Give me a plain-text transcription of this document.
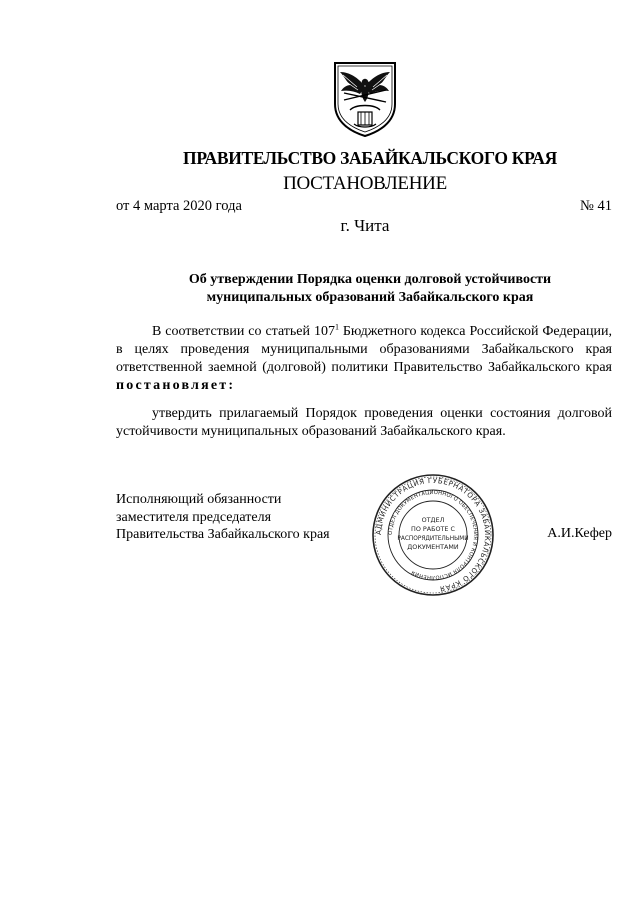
ПРАВИТЕЛЬСТВО ЗАБАЙКАЛЬСКОГО КРАЯ
ПОСТАНОВЛЕНИЕ
от 4 марта 2020 года	№ 41
г. Чита
Об утверждении Порядка оценки долговой устойчивости
муниципальных образований Забайкальского края
В соответствии со статьей $107^1$ Бюджетного кодекса Российской Федерации, в целях проведения муниципальными образованиями Забайкальского края ответственной заемной (долговой) политики Правительство Забайкальского края постановляет:
утвердить прилагаемый Порядок проведения оценки состояния долговой устойчивости муниципальных образований Забайкальского края.
Исполняющий обязанности
заместителя председателя
Правительства Забайкальского края	А.И.Кефер
АДМИНИСТРАЦИЯ ГУБЕРНАТОРА ЗАБАЙКАЛЬСКОГО КРАЯ
ОТДЕЛ ДОКУМЕНТАЦИОННОГО ОБЕСПЕЧЕНИЯ И КОНТРОЛЯ ИСПОЛНЕНИЯ
ОТДЕЛ
ПО РАБОТЕ С
РАСПОРЯДИТЕЛЬНЫМИ
ДОКУМЕНТАМИ
